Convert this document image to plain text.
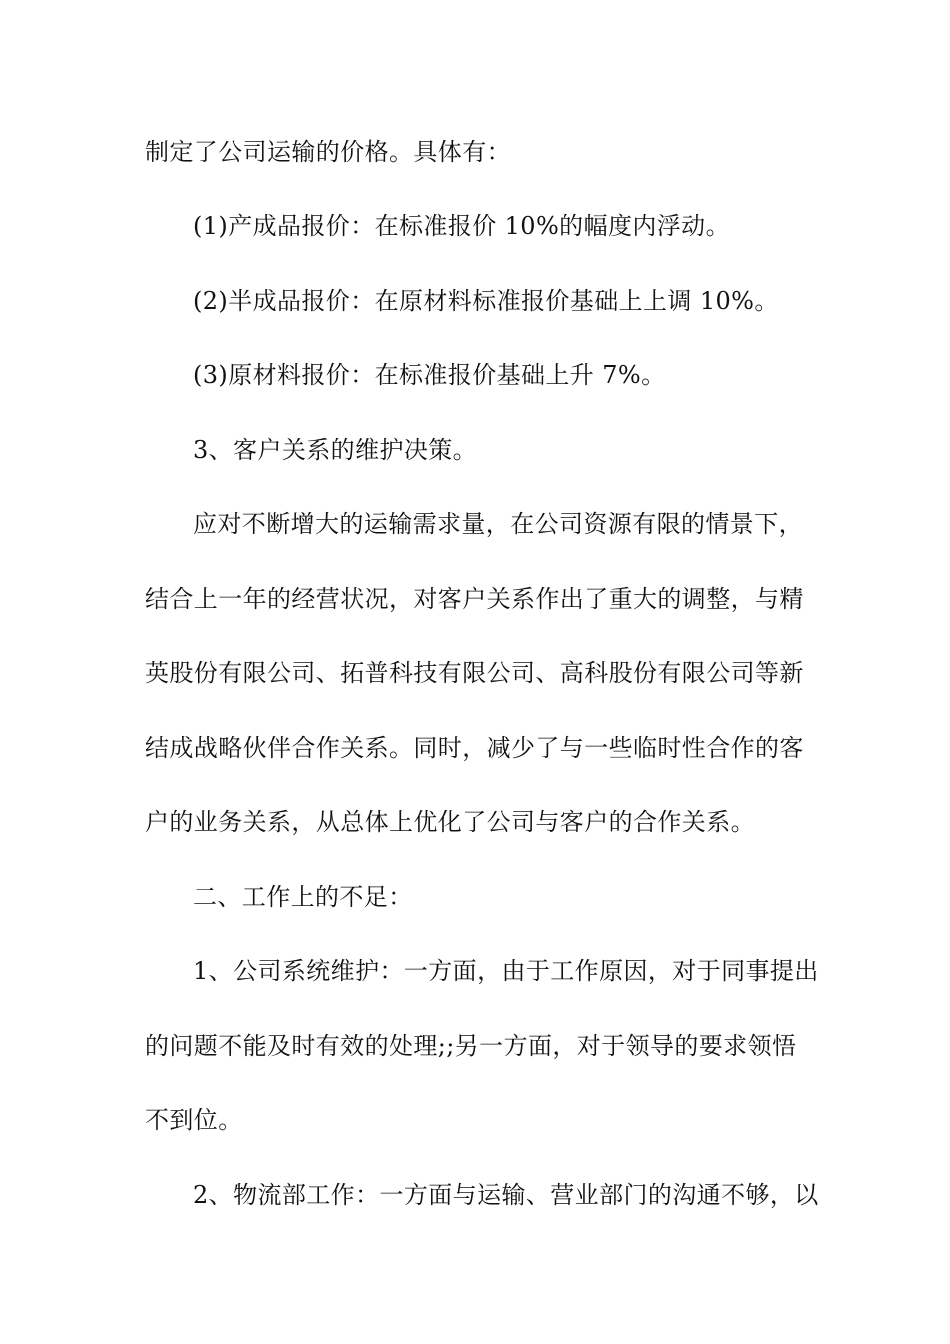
制定了公司运输的价格。具体有：
(1)产成品报价：在标准报价 10%的幅度内浮动。
(2)半成品报价：在原材料标准报价基础上上调 10%。
(3)原材料报价：在标准报价基础上升 7%。
3、客户关系的维护决策。
应对不断增大的运输需求量，在公司资源有限的情景下，
结合上一年的经营状况，对客户关系作出了重大的调整，与精
英股份有限公司、拓普科技有限公司、高科股份有限公司等新
结成战略伙伴合作关系。同时，减少了与一些临时性合作的客
户的业务关系，从总体上优化了公司与客户的合作关系。
二、工作上的不足：
1、公司系统维护：一方面，由于工作原因，对于同事提出
的问题不能及时有效的处理;;另一方面，对于领导的要求领悟
不到位。
2、物流部工作：一方面与运输、营业部门的沟通不够，以
